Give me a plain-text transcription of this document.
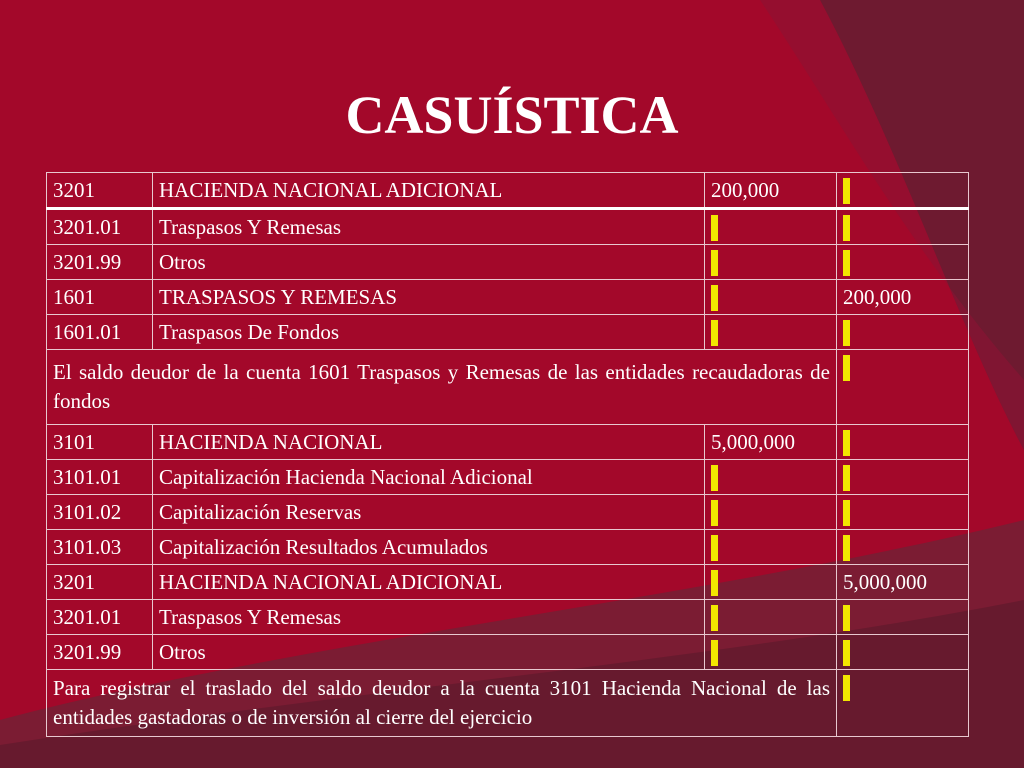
CASUÍSTICA
3201	HACIENDA NACIONAL ADICIONAL	200,000	
3201.01	Traspasos Y Remesas		
3201.99	Otros		
1601	TRASPASOS Y REMESAS		200,000
1601.01	Traspasos De Fondos		
El saldo deudor de la cuenta 1601 Traspasos y Remesas de las entidades recaudadoras de fondos			
3101	HACIENDA NACIONAL	5,000,000	
3101.01	Capitalización Hacienda Nacional Adicional		
3101.02	Capitalización Reservas		
3101.03	Capitalización Resultados Acumulados		
3201	HACIENDA NACIONAL ADICIONAL		5,000,000
3201.01	Traspasos Y Remesas		
3201.99	Otros		
Para registrar el traslado del saldo deudor a la cuenta 3101 Hacienda Nacional de las entidades gastadoras o de inversión al cierre del ejercicio			
